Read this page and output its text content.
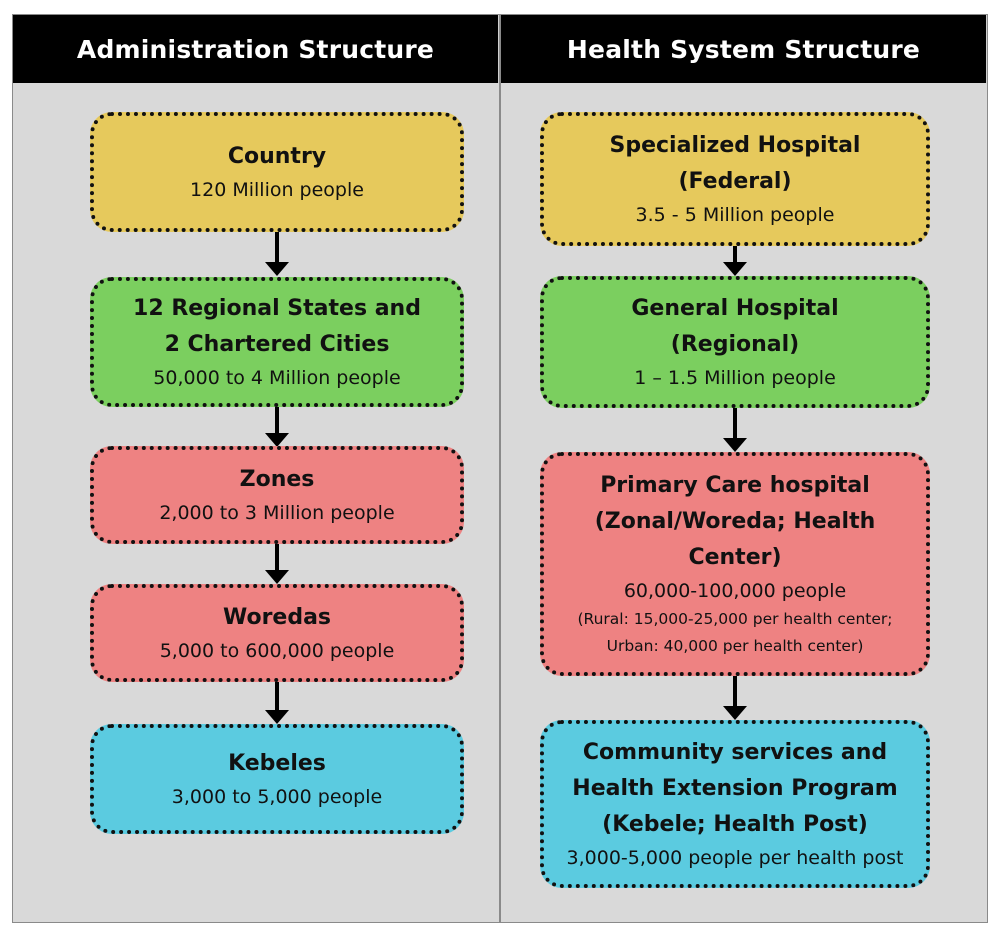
Administration Structure	Health System Structure
Country
120 Million people
12 Regional States and
2 Chartered Cities
50,000 to 4 Million people
Zones
2,000 to 3 Million people
Woredas
5,000 to 600,000 people
Kebeles
3,000 to 5,000 people
Specialized Hospital
(Federal)
3.5 - 5 Million people
General Hospital
(Regional)
1 – 1.5 Million people
Primary Care hospital
(Zonal/Woreda; Health
Center)
60,000-100,000 people
(Rural: 15,000-25,000 per health center;
Urban: 40,000 per health center)
Community services and
Health Extension Program
(Kebele; Health Post)
3,000-5,000 people per health post
